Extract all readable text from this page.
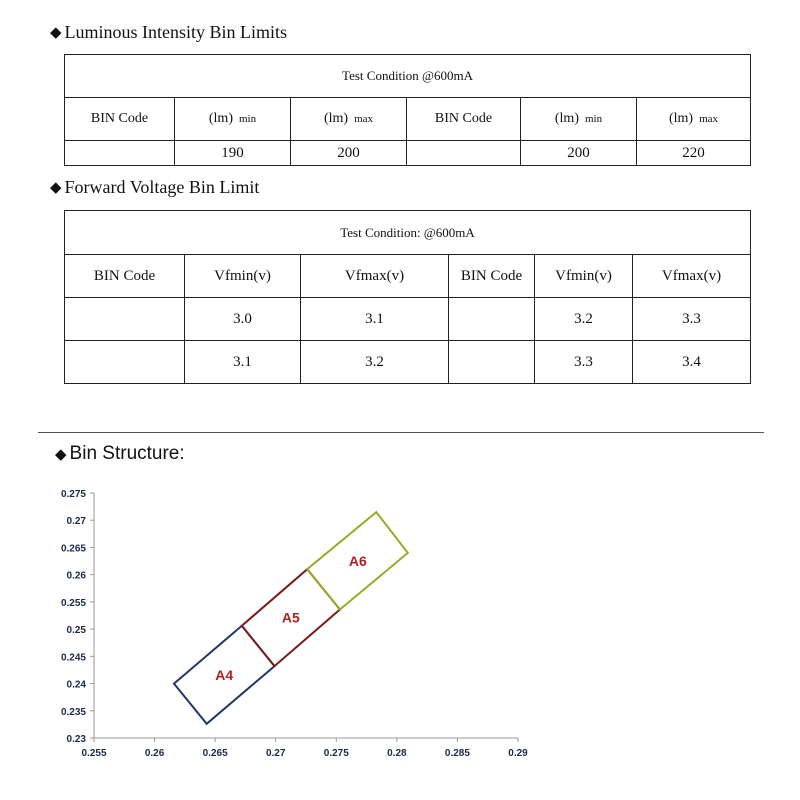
◆ Luminous Intensity Bin Limits
Test Condition @600mA					
BIN Code	(lm) min	(lm) max	BIN Code	(lm) min	(lm) max
	190	200		200	220
◆ Forward Voltage Bin Limit
Test Condition: @600mA					
BIN Code	Vfmin(v)	Vfmax(v)	BIN Code	Vfmin(v)	Vfmax(v)
	3.0	3.1		3.2	3.3
	3.1	3.2		3.3	3.4
◆ Bin Structure:
0.255	0.26	0.265	0.27	0.275	0.28	0.285	0.29
0.275
0.27
0.265
0.26
0.255
0.25
0.245
0.24
0.235
0.23
A4
A5
A6
